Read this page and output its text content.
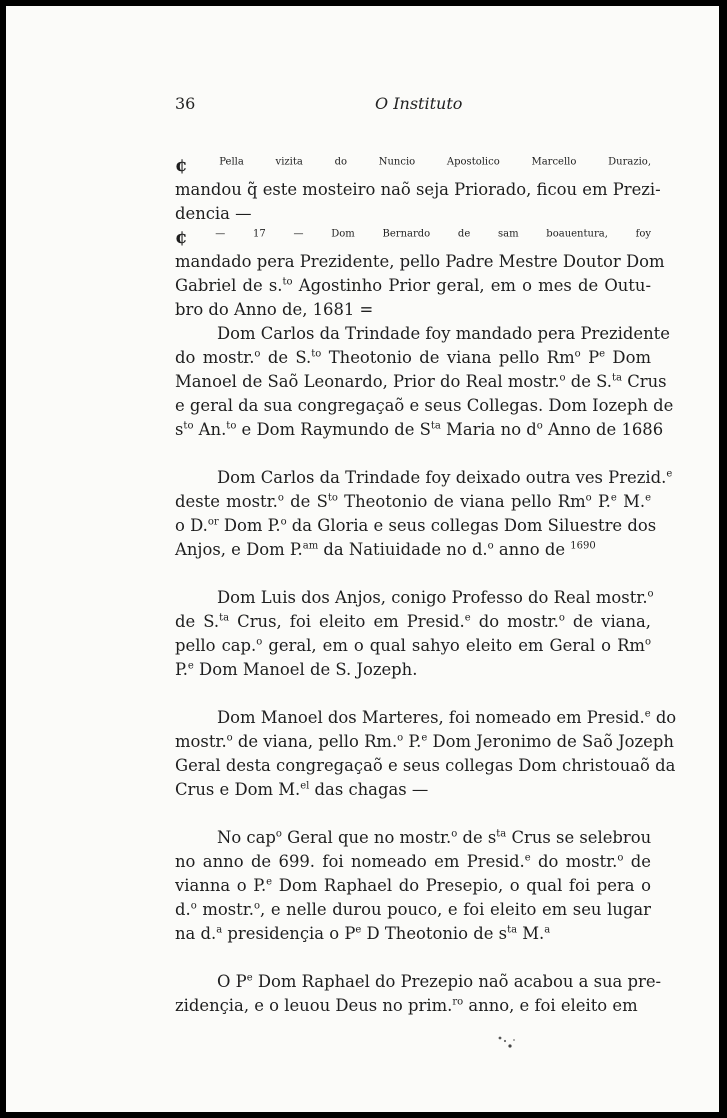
36	O Instituto
¢ $^{Pella vizita do Nuncio Apostolico Marcello Durazio,}$
mandou q̃ este mosteiro naõ seja Priorado, ficou em Prezi-
dencia —
¢ $^{— 17 — Dom Bernardo de sam boauentura, foy}$
mandado pera Prezidente, pello Padre Mestre Doutor Dom
Gabriel de s.$^{to}$ Agostinho Prior geral, em o mes de Outu-
bro do Anno de, 1681 =
Dom Carlos da Trindade foy mandado pera Prezidente
do mostr.$^o$ de S.$^{to}$ Theotonio de viana pello Rm$^o$ $P^e$ Dom
Manoel de Saõ Leonardo, Prior do Real mostr.$^o$ de S.$^{ta}$ Crus
e geral da sua congregaçaõ e seus Collegas. Dom Iozeph de
$s^{to}$ An.$^{to}$ e Dom Raymundo de $S^{ta}$ Maria no $d^o$ Anno de 1686
Dom Carlos da Trindade foy deixado outra ves Prezid.$^e$
deste mostr.$^o$ de $S^{to}$ Theotonio de viana pello Rm$^o$ P.$^e$ M.$^e$
o D.$^{or}$ Dom P.$^o$ da Gloria e seus collegas Dom Siluestre dos
Anjos, e Dom P.$^{am}$ da Natiuidade no d.$^o$ anno de $^{1690}$
Dom Luis dos Anjos, conigo Professo do Real mostr.$^o$
de S.$^{ta}$ Crus, foi eleito em Presid.$^e$ do mostr.$^o$ de viana,
pello cap.$^o$ geral, em o qual sahyo eleito em Geral o Rm$^o$
P.$^e$ Dom Manoel de S. Jozeph.
Dom Manoel dos Marteres, foi nomeado em Presid.$^e$ do
mostr.$^o$ de viana, pello Rm.$^o$ P.$^e$ Dom Jeronimo de Saõ Jozeph
Geral desta congregaçaõ e seus collegas Dom christouaõ da
Crus e Dom M.$^{el}$ das chagas —
No cap$^o$ Geral que no mostr.$^o$ de $s^{ta}$ Crus se selebrou
no anno de 699. foi nomeado em Presid.$^e$ do mostr.$^o$ de
vianna o P.$^e$ Dom Raphael do Presepio, o qual foi pera o
d.$^o$ mostr.$^o$, e nelle durou pouco, e foi eleito em seu lugar
na d.$^a$ presidençia o $P^e$ D Theotonio de $s^{ta}$ M.$^a$
O $P^e$ Dom Raphael do Prezepio naõ acabou a sua pre-
zidençia, e o leuou Deus no prim.$^{ro}$ anno, e foi eleito em
